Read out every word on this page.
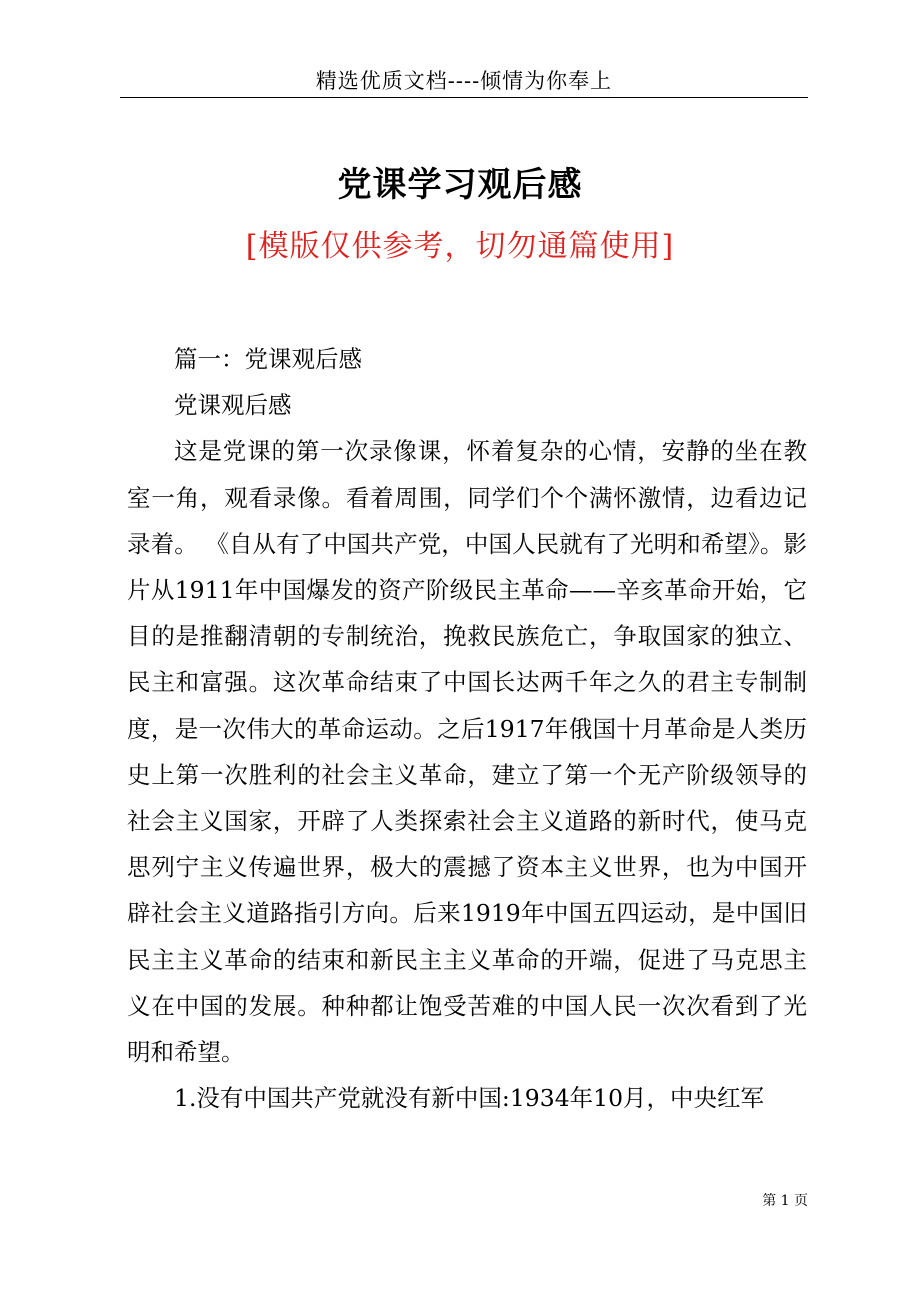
精选优质文档----倾情为你奉上
党课学习观后感
[模版仅供参考，切勿通篇使用]

篇一：党课观后感

党课观后感

这是党课的第一次录像课，怀着复杂的心情，安静的坐在教室一角，观看录像。看着周围，同学们个个满怀激情，边看边记录着。 《自从有了中国共产党，中国人民就有了光明和希望》。影片从1911年中国爆发的资产阶级民主革命——辛亥革命开始，它目的是推翻清朝的专制统治，挽救民族危亡，争取国家的独立、民主和富强。这次革命结束了中国长达两千年之久的君主专制制度，是一次伟大的革命运动。之后1917年俄国十月革命是人类历史上第一次胜利的社会主义革命，建立了第一个无产阶级领导的社会主义国家，开辟了人类探索社会主义道路的新时代，使马克思列宁主义传遍世界，极大的震撼了资本主义世界，也为中国开辟社会主义道路指引方向。后来1919年中国五四运动，是中国旧民主主义革命的结束和新民主主义革命的开端，促进了马克思主义在中国的发展。种种都让饱受苦难的中国人民一次次看到了光明和希望。

1.没有中国共产党就没有新中国:1934年10月，中央红军

第 1 页
